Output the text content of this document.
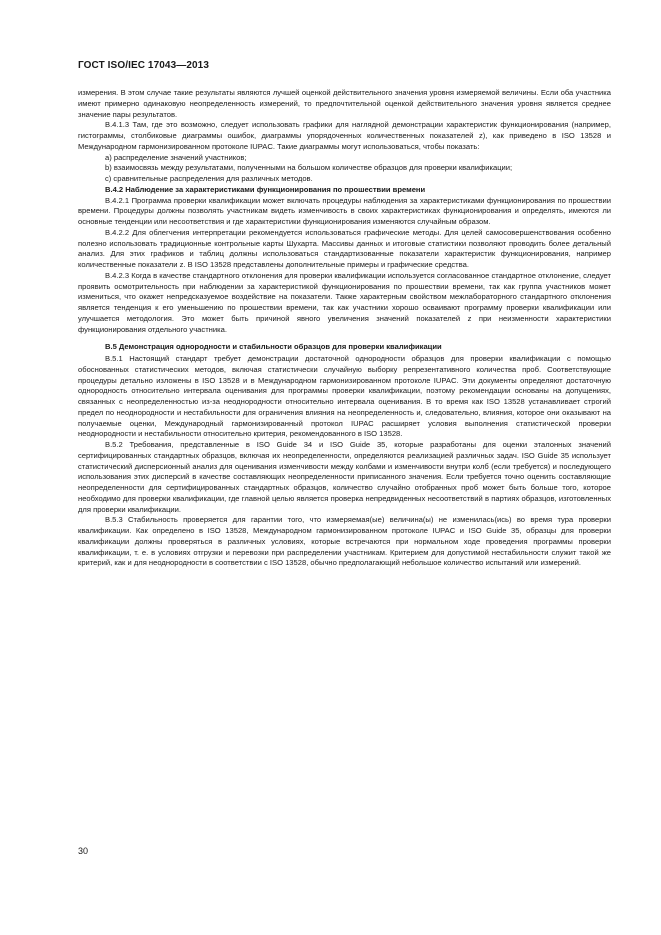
ГОСТ ISO/IEC 17043—2013

измерения. В этом случае такие результаты являются лучшей оценкой действительного значения уровня измеряемой величины. Если оба участника имеют примерно одинаковую неопределенность измерений, то предпочтительной оценкой действительного значения уровня является среднее значение пары результатов.

В.4.1.3 Там, где это возможно, следует использовать графики для наглядной демонстрации характеристик функционирования (например, гистограммы, столбиковые диаграммы ошибок, диаграммы упорядоченных количественных показателей z), как приведено в ISO 13528 и Международном гармонизированном протоколе IUPAC. Такие диаграммы могут использоваться, чтобы показать:

а) распределение значений участников;

b) взаимосвязь между результатами, полученными на большом количестве образцов для проверки квалификации;

с) сравнительные распределения для различных методов.

В.4.2 Наблюдение за характеристиками функционирования по прошествии времени

В.4.2.1 Программа проверки квалификации может включать процедуры наблюдения за характеристиками функционирования по прошествии времени. Процедуры должны позволять участникам видеть изменчивость в своих характеристиках функционирования и определять, имеются ли основные тенденции или несоответствия и где характеристики функционирования изменяются случайным образом.

В.4.2.2 Для облегчения интерпретации рекомендуется использоваться графические методы. Для целей самосовершенствования особенно полезно использовать традиционные контрольные карты Шухарта. Массивы данных и итоговые статистики позволяют проводить более детальный анализ. Для этих графиков и таблиц должны использоваться стандартизованные показатели характеристик функционирования, например количественные показатели z. В ISO 13528 представлены дополнительные примеры и графические средства.

В.4.2.3 Когда в качестве стандартного отклонения для проверки квалификации используется согласованное стандартное отклонение, следует проявить осмотрительность при наблюдении за характеристикой функционирования по прошествии времени, так как группа участников может измениться, что окажет непредсказуемое воздействие на показатели. Также характерным свойством межлабораторного стандартного отклонения является тенденция к его уменьшению по прошествии времени, так как участники хорошо осваивают программу проверки квалификации или улучшается методология. Это может быть причиной явного увеличения значений показателей z при неизменности характеристики функционирования отдельного участника.

В.5 Демонстрация однородности и стабильности образцов для проверки квалификации

В.5.1 Настоящий стандарт требует демонстрации достаточной однородности образцов для проверки квалификации с помощью обоснованных статистических методов, включая статистически случайную выборку репрезентативного количества проб. Соответствующие процедуры детально изложены в ISO 13528 и в Международном гармонизированном протоколе IUPAC. Эти документы определяют достаточную однородность относительно интервала оценивания для программы проверки квалификации, поэтому рекомендации основаны на допущениях, связанных с неопределенностью из-за неоднородности относительно интервала оценивания. В то время как ISO 13528 устанавливает строгий предел по неоднородности и нестабильности для ограничения влияния на неопределенность и, следовательно, влияния, которое они оказывают на получаемые оценки, Международный гармонизированный протокол IUPAC расширяет условия выполнения статистической проверки неоднородности и нестабильности относительно критерия, рекомендованного в ISO 13528.

В.5.2 Требования, представленные в ISO Guide 34 и ISO Guide 35, которые разработаны для оценки эталонных значений сертифицированных стандартных образцов, включая их неопределенности, определяются реализацией различных задач. ISO Guide 35 использует статистический дисперсионный анализ для оценивания изменчивости между колбами и изменчивости внутри колб (если требуется) и последующего использования этих дисперсий в качестве составляющих неопределенности приписанного значения. Если требуется точно оценить составляющие неопределенности для сертифицированных стандартных образцов, количество случайно отобранных проб может быть больше того, которое необходимо для проверки квалификации, где главной целью является проверка непредвиденных несоответствий в партиях образцов, изготовленных для проверки квалификации.

В.5.3 Стабильность проверяется для гарантии того, что измеряемая(ые) величина(ы) не изменилась(ись) во время тура проверки квалификации. Как определено в ISO 13528, Международном гармонизированном протоколе IUPAC и ISO Guide 35, образцы для проверки квалификации должны проверяться в различных условиях, которые встречаются при нормальном ходе проведения программы проверки квалификации, т. е. в условиях отгрузки и перевозки при распределении участникам. Критерием для допустимой нестабильности служит такой же критерий, как и для неоднородности в соответствии с ISO 13528, обычно предполагающий небольшое количество испытаний или измерений.

30
